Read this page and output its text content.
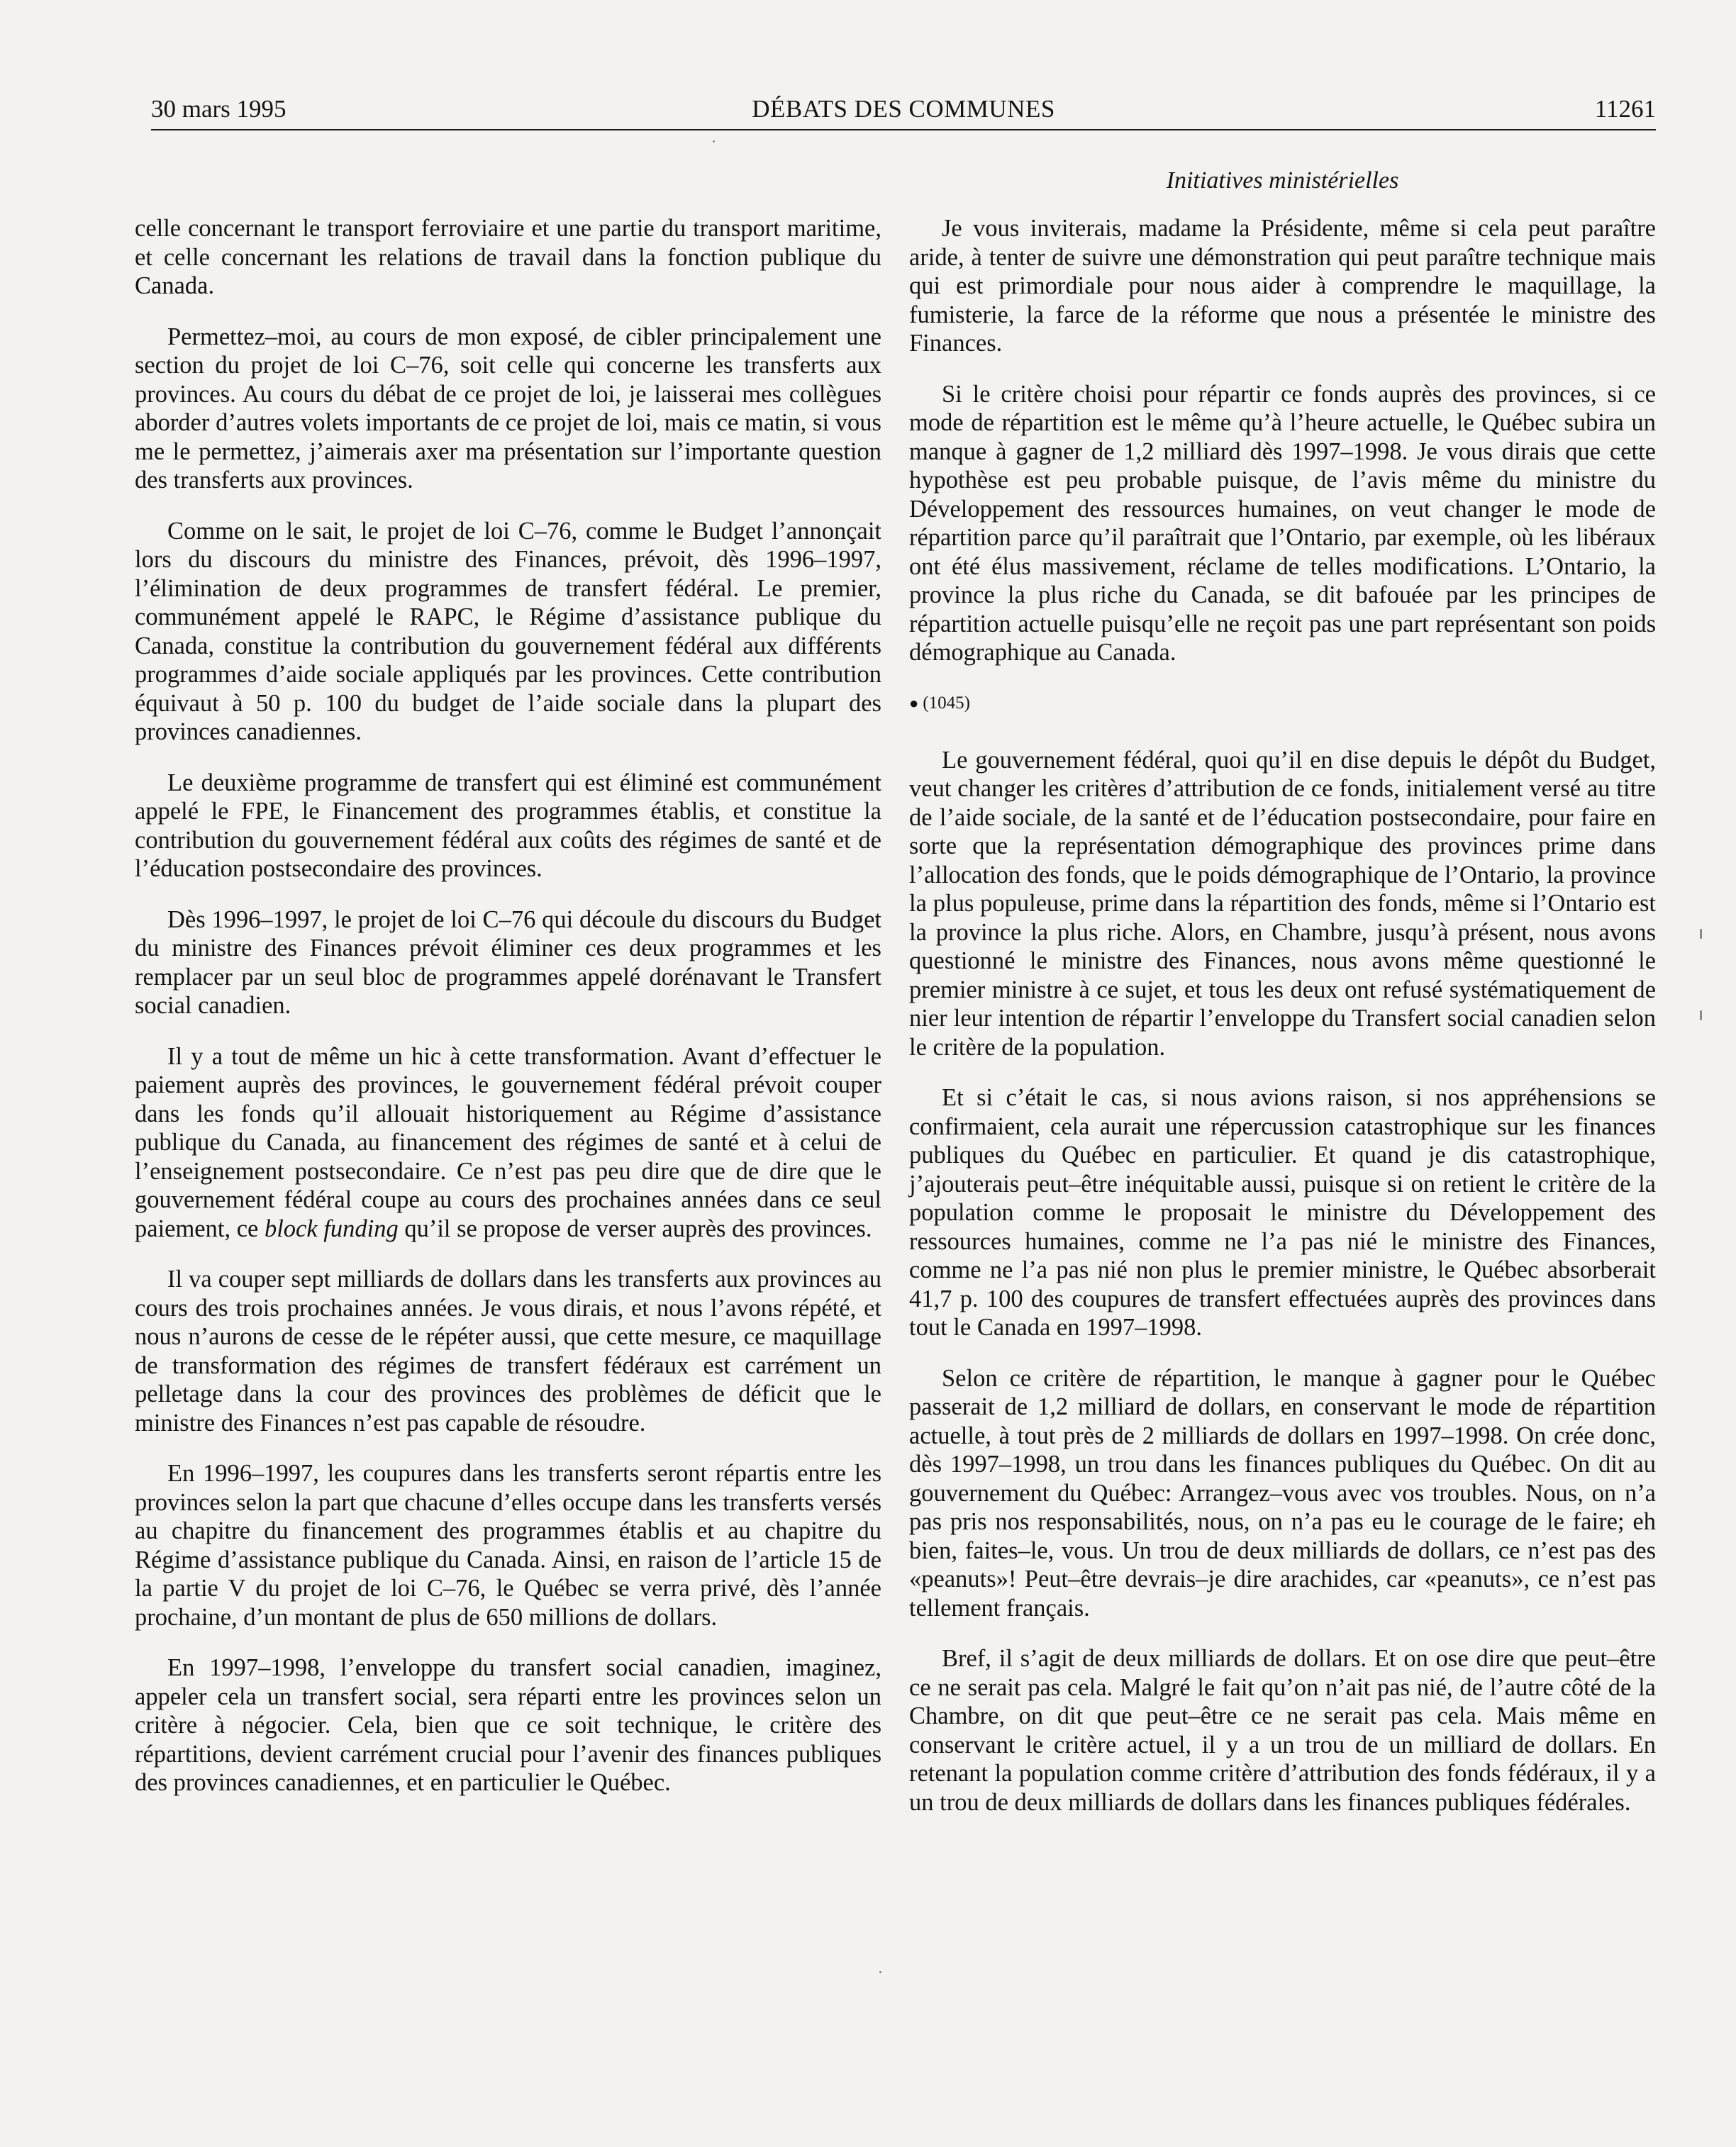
30 mars 1995	DÉBATS DES COMMUNES	11261
Initiatives ministérielles

celle concernant le transport ferroviaire et une partie du transport maritime, et celle concernant les relations de travail dans la fonction publique du Canada.

Permettez–moi, au cours de mon exposé, de cibler principalement une section du projet de loi C–76, soit celle qui concerne les transferts aux provinces. Au cours du débat de ce projet de loi, je laisserai mes collègues aborder d’autres volets importants de ce projet de loi, mais ce matin, si vous me le permettez, j’aimerais axer ma présentation sur l’importante question des transferts aux provinces.

Comme on le sait, le projet de loi C–76, comme le Budget l’annonçait lors du discours du ministre des Finances, prévoit, dès 1996–1997, l’élimination de deux programmes de transfert fédéral. Le premier, communément appelé le RAPC, le Régime d’assistance publique du Canada, constitue la contribution du gouvernement fédéral aux différents programmes d’aide sociale appliqués par les provinces. Cette contribution équivaut à 50 p. 100 du budget de l’aide sociale dans la plupart des provinces canadiennes.

Le deuxième programme de transfert qui est éliminé est communément appelé le FPE, le Financement des programmes établis, et constitue la contribution du gouvernement fédéral aux coûts des régimes de santé et de l’éducation postsecondaire des provinces.

Dès 1996–1997, le projet de loi C–76 qui découle du discours du Budget du ministre des Finances prévoit éliminer ces deux programmes et les remplacer par un seul bloc de programmes appelé dorénavant le Transfert social canadien.

Il y a tout de même un hic à cette transformation. Avant d’effectuer le paiement auprès des provinces, le gouvernement fédéral prévoit couper dans les fonds qu’il allouait historiquement au Régime d’assistance publique du Canada, au financement des régimes de santé et à celui de l’enseignement postsecondaire. Ce n’est pas peu dire que de dire que le gouvernement fédéral coupe au cours des prochaines années dans ce seul paiement, ce block funding qu’il se propose de verser auprès des provinces.

Il va couper sept milliards de dollars dans les transferts aux provinces au cours des trois prochaines années. Je vous dirais, et nous l’avons répété, et nous n’aurons de cesse de le répéter aussi, que cette mesure, ce maquillage de transformation des régimes de transfert fédéraux est carrément un pelletage dans la cour des provinces des problèmes de déficit que le ministre des Finances n’est pas capable de résoudre.

En 1996–1997, les coupures dans les transferts seront répartis entre les provinces selon la part que chacune d’elles occupe dans les transferts versés au chapitre du financement des programmes établis et au chapitre du Régime d’assistance publique du Canada. Ainsi, en raison de l’article 15 de la partie V du projet de loi C–76, le Québec se verra privé, dès l’année prochaine, d’un montant de plus de 650 millions de dollars.

En 1997–1998, l’enveloppe du transfert social canadien, imaginez, appeler cela un transfert social, sera réparti entre les provinces selon un critère à négocier. Cela, bien que ce soit technique, le critère des répartitions, devient carrément crucial pour l’avenir des finances publiques des provinces canadiennes, et en particulier le Québec.

Je vous inviterais, madame la Présidente, même si cela peut paraître aride, à tenter de suivre une démonstration qui peut paraître technique mais qui est primordiale pour nous aider à comprendre le maquillage, la fumisterie, la farce de la réforme que nous a présentée le ministre des Finances.

Si le critère choisi pour répartir ce fonds auprès des provinces, si ce mode de répartition est le même qu’à l’heure actuelle, le Québec subira un manque à gagner de 1,2 milliard dès 1997–1998. Je vous dirais que cette hypothèse est peu probable puisque, de l’avis même du ministre du Développement des ressources humaines, on veut changer le mode de répartition parce qu’il paraîtrait que l’Ontario, par exemple, où les libéraux ont été élus massivement, réclame de telles modifications. L’Ontario, la province la plus riche du Canada, se dit bafouée par les principes de répartition actuelle puisqu’elle ne reçoit pas une part représentant son poids démographique au Canada.

● (1045)

Le gouvernement fédéral, quoi qu’il en dise depuis le dépôt du Budget, veut changer les critères d’attribution de ce fonds, initialement versé au titre de l’aide sociale, de la santé et de l’éducation postsecondaire, pour faire en sorte que la représentation démographique des provinces prime dans l’allocation des fonds, que le poids démographique de l’Ontario, la province la plus populeuse, prime dans la répartition des fonds, même si l’Ontario est la province la plus riche. Alors, en Chambre, jusqu’à présent, nous avons questionné le ministre des Finances, nous avons même questionné le premier ministre à ce sujet, et tous les deux ont refusé systématiquement de nier leur intention de répartir l’enveloppe du Transfert social canadien selon le critère de la population.

Et si c’était le cas, si nous avions raison, si nos appréhensions se confirmaient, cela aurait une répercussion catastrophique sur les finances publiques du Québec en particulier. Et quand je dis catastrophique, j’ajouterais peut–être inéquitable aussi, puisque si on retient le critère de la population comme le proposait le ministre du Développement des ressources humaines, comme ne l’a pas nié le ministre des Finances, comme ne l’a pas nié non plus le premier ministre, le Québec absorberait 41,7 p. 100 des coupures de transfert effectuées auprès des provinces dans tout le Canada en 1997–1998.

Selon ce critère de répartition, le manque à gagner pour le Québec passerait de 1,2 milliard de dollars, en conservant le mode de répartition actuelle, à tout près de 2 milliards de dollars en 1997–1998. On crée donc, dès 1997–1998, un trou dans les finances publiques du Québec. On dit au gouvernement du Québec: Arrangez–vous avec vos troubles. Nous, on n’a pas pris nos responsabilités, nous, on n’a pas eu le courage de le faire; eh bien, faites–le, vous. Un trou de deux milliards de dollars, ce n’est pas des «peanuts»! Peut–être devrais–je dire arachides, car «peanuts», ce n’est pas tellement français.

Bref, il s’agit de deux milliards de dollars. Et on ose dire que peut–être ce ne serait pas cela. Malgré le fait qu’on n’ait pas nié, de l’autre côté de la Chambre, on dit que peut–être ce ne serait pas cela. Mais même en conservant le critère actuel, il y a un trou de un milliard de dollars. En retenant la population comme critère d’attribution des fonds fédéraux, il y a un trou de deux milliards de dollars dans les finances publiques fédérales.
